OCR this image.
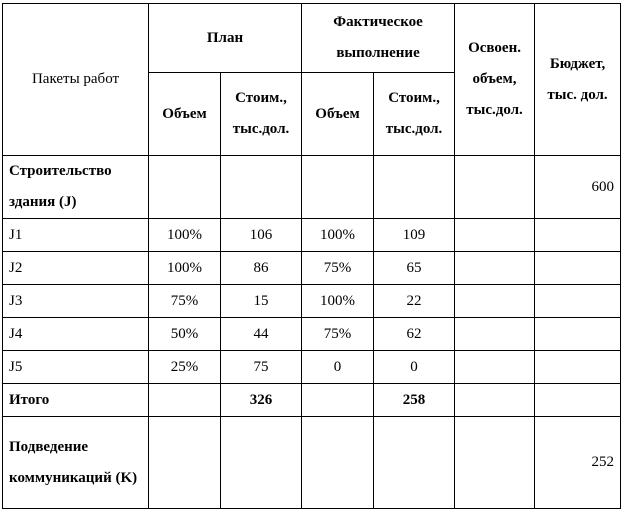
Пакеты работ	План		Фактическое выполнение		Освоен. объем, тыс.дол.	Бюджет, тыс. дол.
	Объем	Стоим., тыс.дол.	Объем	Стоим., тыс.дол.		
Строительство здания (J)						600
J1	100%	106	100%	109		
J2	100%	86	75%	65		
J3	75%	15	100%	22		
J4	50%	44	75%	62		
J5	25%	75	0	0		
Итого		326		258		
Подведение коммуникаций (K)						252
